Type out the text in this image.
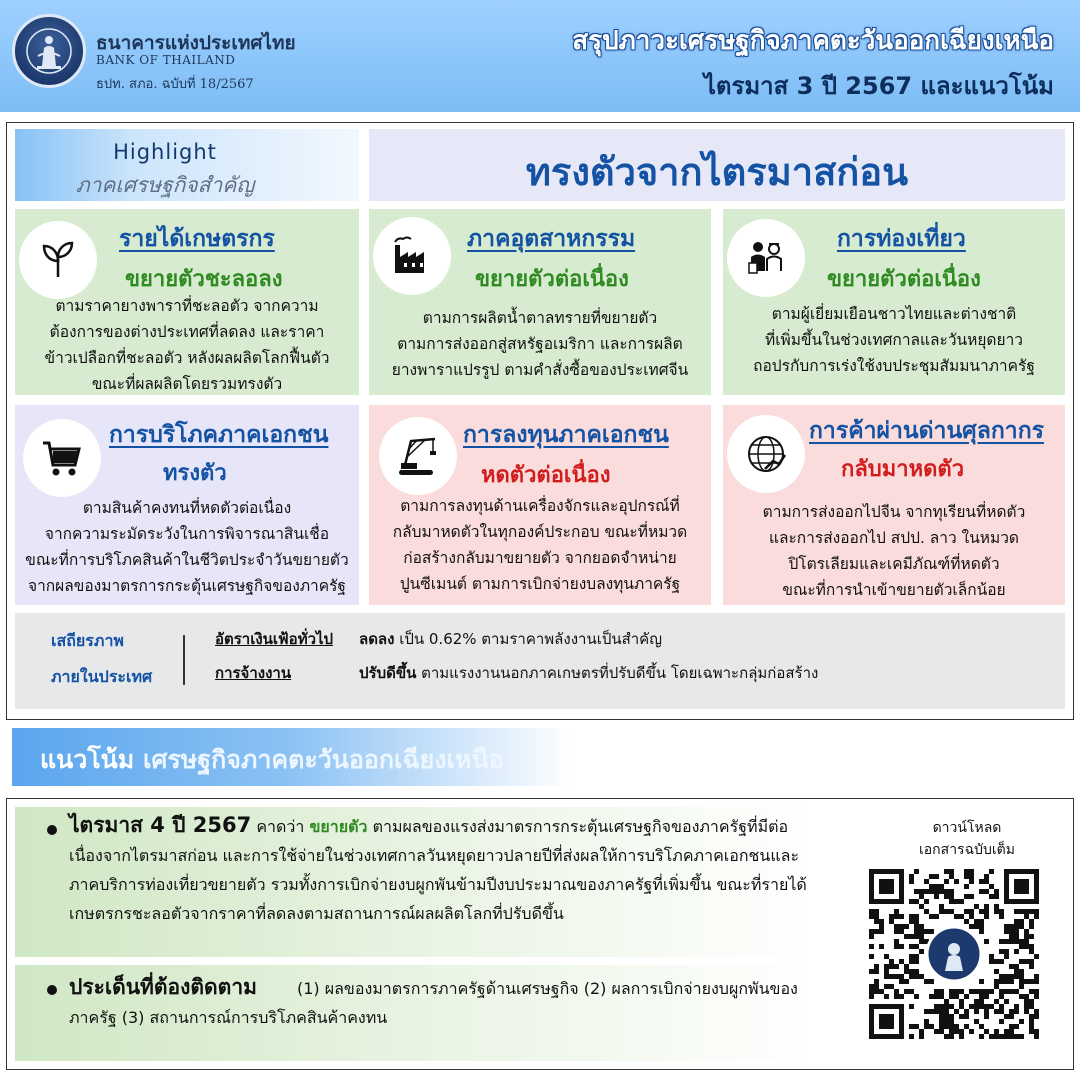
ธนาคารแห่งประเทศไทย
BANK OF THAILAND
ธปท. สภอ. ฉบับที่ 18/2567
สรุปภาวะเศรษฐกิจภาคตะวันออกเฉียงเหนือ
ไตรมาส 3 ปี 2567 และแนวโน้ม
Highlight
ภาคเศรษฐกิจสำคัญ	ทรงตัวจากไตรมาสก่อน
รายได้เกษตรกร
ขยายตัวชะลอลง
ตามราคายางพาราที่ชะลอตัว จากความ
ต้องการของต่างประเทศที่ลดลง และราคา
ข้าวเปลือกที่ชะลอตัว หลังผลผลิตโลกฟื้นตัว
ขณะที่ผลผลิตโดยรวมทรงตัว
ภาคอุตสาหกรรม
ขยายตัวต่อเนื่อง
ตามการผลิตน้ำตาลทรายที่ขยายตัว
ตามการส่งออกสู่สหรัฐอเมริกา และการผลิต
ยางพาราแปรรูป ตามคำสั่งซื้อของประเทศจีน
การท่องเที่ยว
ขยายตัวต่อเนื่อง
ตามผู้เยี่ยมเยือนชาวไทยและต่างชาติ
ที่เพิ่มขึ้นในช่วงเทศกาลและวันหยุดยาว
ถอปรกับการเร่งใช้งบประชุมสัมมนาภาครัฐ
การบริโภคภาคเอกชน
ทรงตัว
ตามสินค้าคงทนที่หดตัวต่อเนื่อง
จากความระมัดระวังในการพิจารณาสินเชื่อ
ขณะที่การบริโภคสินค้าในชีวิตประจำวันขยายตัว
จากผลของมาตรการกระตุ้นเศรษฐกิจของภาครัฐ
การลงทุนภาคเอกชน
หดตัวต่อเนื่อง
ตามการลงทุนด้านเครื่องจักรและอุปกรณ์ที่
กลับมาหดตัวในทุกองค์ประกอบ ขณะที่หมวด
ก่อสร้างกลับมาขยายตัว จากยอดจำหน่าย
ปูนซีเมนต์ ตามการเบิกจ่ายงบลงทุนภาครัฐ
การค้าผ่านด่านศุลกากร
กลับมาหดตัว
ตามการส่งออกไปจีน จากทุเรียนที่หดตัว
และการส่งออกไป สปป. ลาว ในหมวด
ปิโตรเลียมและเคมีภัณฑ์ที่หดตัว
ขณะที่การนำเข้าขยายตัวเล็กน้อย
เสถียรภาพ
ภายในประเทศ
อัตราเงินเฟ้อทั่วไป ลดลง เป็น 0.62% ตามราคาพลังงานเป็นสำคัญ
การจ้างงาน	ปรับดีขึ้น ตามแรงงานนอกภาคเกษตรที่ปรับดีขึ้น โดยเฉพาะกลุ่มก่อสร้าง
แนวโน้ม เศรษฐกิจภาคตะวันออกเฉียงเหนือ
ไตรมาส 4 ปี 2567 คาดว่า ขยายตัว ตามผลของแรงส่งมาตรการกระตุ้นเศรษฐกิจของภาครัฐที่มีต่อเนื่องจากไตรมาสก่อน และการใช้จ่ายในช่วงเทศกาลวันหยุดยาวปลายปีที่ส่งผลให้การบริโภคภาคเอกชนและภาคบริการท่องเที่ยวขยายตัว รวมทั้งการเบิกจ่ายงบผูกพันข้ามปีงบประมาณของภาครัฐที่เพิ่มขึ้น ขณะที่รายได้เกษตรกรชะลอตัวจากราคาที่ลดลงตามสถานการณ์ผลผลิตโลกที่ปรับดีขึ้น
ประเด็นที่ต้องติดตาม	(1) ผลของมาตรการภาครัฐด้านเศรษฐกิจ (2) ผลการเบิกจ่ายงบผูกพันของภาครัฐ (3) สถานการณ์การบริโภคสินค้าคงทน
ดาวน์โหลด
เอกสารฉบับเต็ม
